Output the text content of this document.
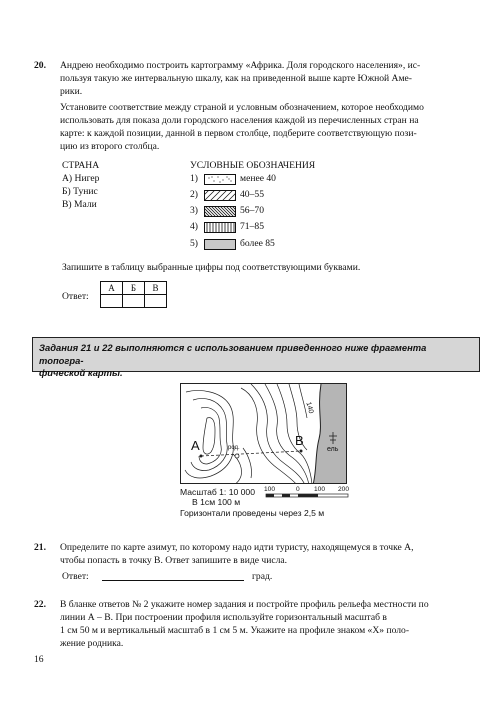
20. Андрею необходимо построить картограмму «Африка. Доля городского населения», ис-
пользуя такую же интервальную шкалу, как на приведенной выше карте Южной Аме-
рики.
Установите соответствие между страной и условным обозначением, которое необходимо
использовать для показа доли городского населения каждой из перечисленных стран на
карте: к каждой позиции, данной в первом столбце, подберите соответствующую пози-
цию из второго столбца.
СТРАНА
А) Нигер
Б) Тунис
В) Мали
УСЛОВНЫЕ ОБОЗНАЧЕНИЯ
1)	менее 40
2)	40–55
3)	56–70
4)	71–85
5)	более 85
Запишите в таблицу выбранные цифры под соответствующими буквами.
Ответ:
А	Б	В

Задания 21 и 22 выполняются с использованием приведенного ниже фрагмента топогра-
фической карты.
140
А	В
род.	ель
Масштаб 1: 10 000
В 1см 100 м
100	0 100 200
Горизонтали проведены через 2,5 м
21. Определите по карте азимут, по которому надо идти туристу, находящемуся в точке А,
чтобы попасть в точку В. Ответ запишите в виде числа.
Ответ:	град.
22. В бланке ответов № 2 укажите номер задания и постройте профиль рельефа местности по
линии А – В. При построении профиля используйте горизонтальный масштаб в
1 см 50 м и вертикальный масштаб в 1 см 5 м. Укажите на профиле знаком «Х» поло-
жение родника.
16
